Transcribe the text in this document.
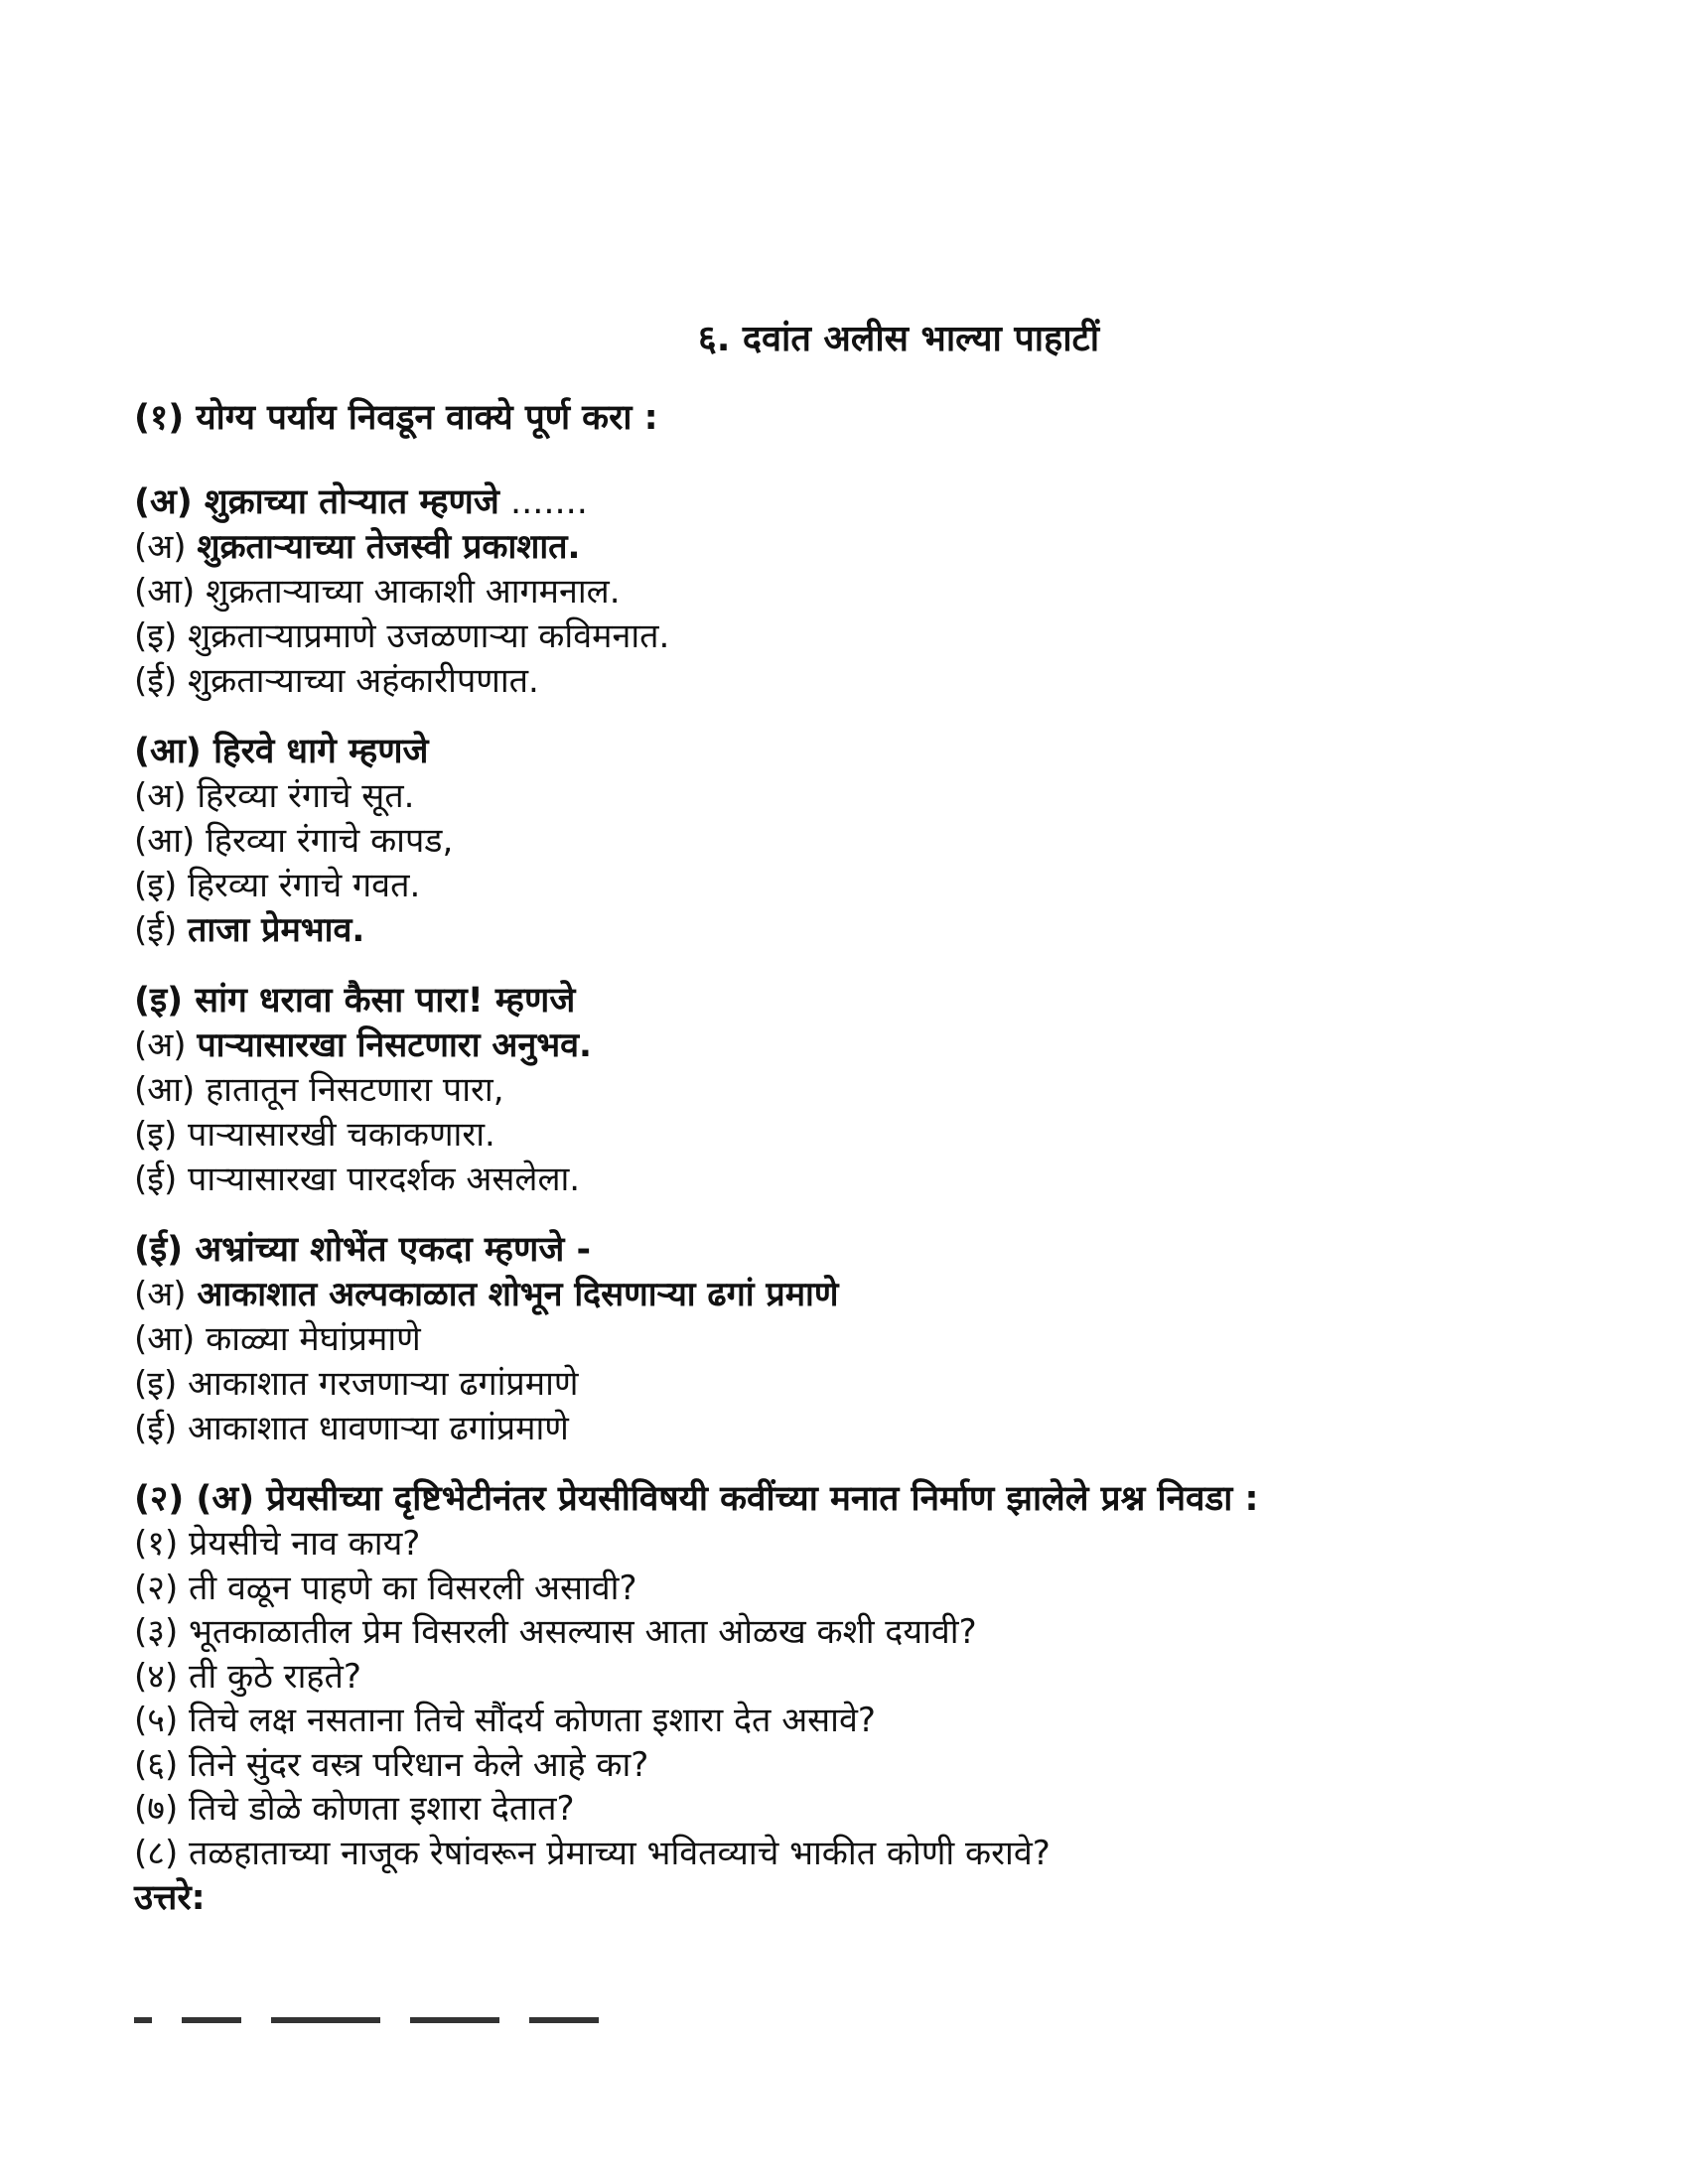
६. दवांत अलीस भाल्या पाहाटीं
(१) योग्य पर्याय निवडून वाक्ये पूर्ण करा :
(अ) शुक्राच्या तोऱ्यात म्हणजे .......
(अ) शुक्रताऱ्याच्या तेजस्वी प्रकाशात.
(आ) शुक्रताऱ्याच्या आकाशी आगमनाल.
(इ) शुक्रताऱ्याप्रमाणे उजळणाऱ्या कविमनात.
(ई) शुक्रताऱ्याच्या अहंकारीपणात.
(आ) हिरवे धागे म्हणजे
(अ) हिरव्या रंगाचे सूत.
(आ) हिरव्या रंगाचे कापड,
(इ) हिरव्या रंगाचे गवत.
(ई) ताजा प्रेमभाव.
(इ) सांग धरावा कैसा पारा! म्हणजे
(अ) पाऱ्यासारखा निसटणारा अनुभव.
(आ) हातातून निसटणारा पारा,
(इ) पाऱ्यासारखी चकाकणारा.
(ई) पाऱ्यासारखा पारदर्शक असलेला.
(ई) अभ्रांच्या शोभेंत एकदा म्हणजे -
(अ) आकाशात अल्पकाळात शोभून दिसणाऱ्या ढगां प्रमाणे
(आ) काळ्या मेघांप्रमाणे
(इ) आकाशात गरजणाऱ्या ढगांप्रमाणे
(ई) आकाशात धावणाऱ्या ढगांप्रमाणे
(२) (अ) प्रेयसीच्या दृष्टिभेटीनंतर प्रेयसीविषयी कवींच्या मनात निर्माण झालेले प्रश्न निवडा :
(१) प्रेयसीचे नाव काय?
(२) ती वळून पाहणे का विसरली असावी?
(३) भूतकाळातील प्रेम विसरली असल्यास आता ओळख कशी दयावी?
(४) ती कुठे राहते?
(५) तिचे लक्ष नसताना तिचे सौंदर्य कोणता इशारा देत असावे?
(६) तिने सुंदर वस्त्र परिधान केले आहे का?
(७) तिचे डोळे कोणता इशारा देतात?
(८) तळहाताच्या नाजूक रेषांवरून प्रेमाच्या भवितव्याचे भाकीत कोणी करावे?
उत्तरे:
